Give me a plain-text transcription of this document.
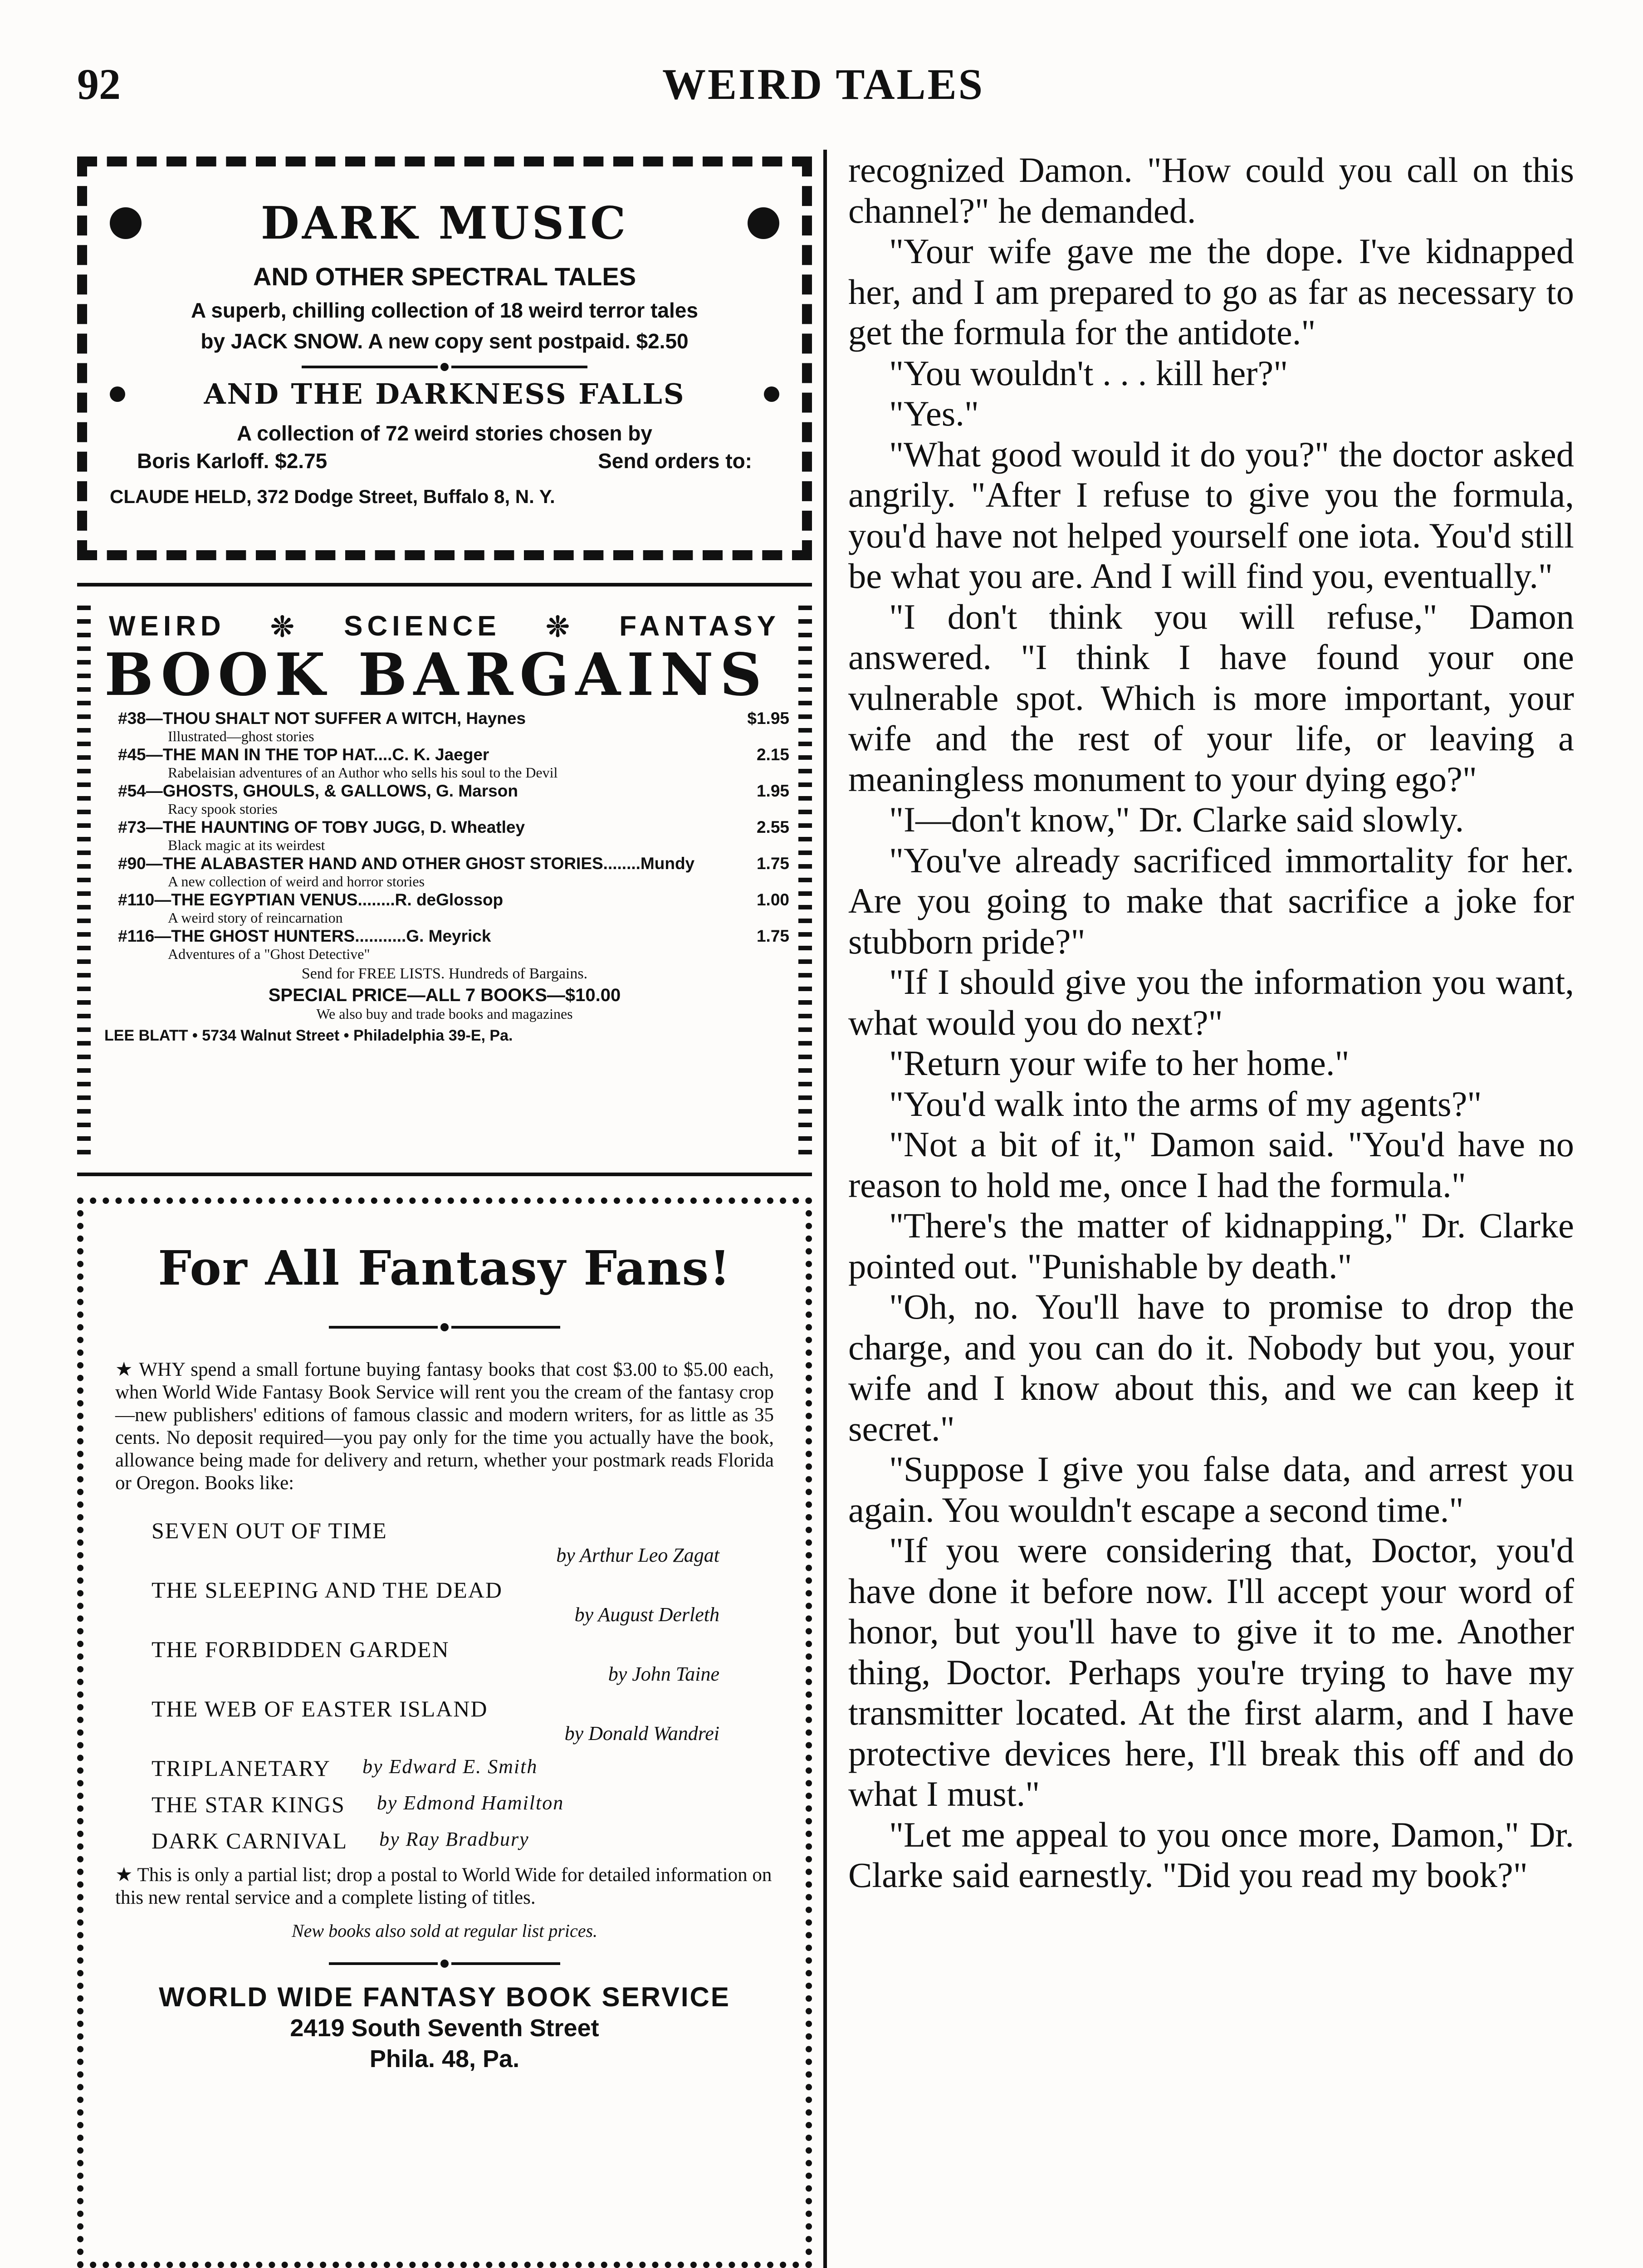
92	WEIRD TALES
DARK MUSIC
AND OTHER SPECTRAL TALES
A superb, chilling collection of 18 weird terror tales
by JACK SNOW. A new copy sent postpaid. $2.50
AND THE DARKNESS FALLS
A collection of 72 weird stories chosen by
Boris Karloff. $2.75	Send orders to:
CLAUDE HELD, 372 Dodge Street, Buffalo 8, N. Y.
WEIRD ❊ SCIENCE ❊ FANTASY
BOOK BARGAINS
#38—THOU SHALT NOT SUFFER A WITCH, Haynes	$1.95
Illustrated—ghost stories
#45—THE MAN IN THE TOP HAT....C. K. Jaeger	2.15
Rabelaisian adventures of an Author who sells his soul to the Devil
#54—GHOSTS, GHOULS, & GALLOWS, G. Marson	1.95
Racy spook stories
#73—THE HAUNTING OF TOBY JUGG, D. Wheatley	2.55
Black magic at its weirdest
#90—THE ALABASTER HAND AND OTHER GHOST STORIES........Mundy	1.75
A new collection of weird and horror stories
#110—THE EGYPTIAN VENUS........R. deGlossop	1.00
A weird story of reincarnation
#116—THE GHOST HUNTERS...........G. Meyrick	1.75
Adventures of a "Ghost Detective"
Send for FREE LISTS. Hundreds of Bargains.
SPECIAL PRICE—ALL 7 BOOKS—$10.00
We also buy and trade books and magazines
LEE BLATT • 5734 Walnut Street • Philadelphia 39-E, Pa.
For All Fantasy Fans!
★ WHY spend a small fortune buying fantasy books that cost $3.00 to $5.00 each, when World Wide Fantasy Book Service will rent you the cream of the fantasy crop—new publishers' editions of famous classic and modern writers, for as little as 35 cents. No deposit required—you pay only for the time you actually have the book, allowance being made for delivery and return, whether your postmark reads Florida or Oregon. Books like:
SEVEN OUT OF TIME
by Arthur Leo Zagat
THE SLEEPING AND THE DEAD
by August Derleth
THE FORBIDDEN GARDEN
by John Taine
THE WEB OF EASTER ISLAND
by Donald Wandrei
TRIPLANETARY by Edward E. Smith
THE STAR KINGS by Edmond Hamilton
DARK CARNIVAL by Ray Bradbury
★ This is only a partial list; drop a postal to World Wide for detailed information on this new rental service and a complete listing of titles.
New books also sold at regular list prices.
WORLD WIDE FANTASY BOOK SERVICE
2419 South Seventh Street
Phila. 48, Pa.

recognized Damon. "How could you call on this channel?" he demanded.

"Your wife gave me the dope. I've kidnapped her, and I am prepared to go as far as necessary to get the formula for the antidote."

"You wouldn't . . . kill her?"

"Yes."

"What good would it do you?" the doctor asked angrily. "After I refuse to give you the formula, you'd have not helped yourself one iota. You'd still be what you are. And I will find you, eventually."

"I don't think you will refuse," Damon answered. "I think I have found your one vulnerable spot. Which is more important, your wife and the rest of your life, or leaving a meaningless monument to your dying ego?"

"I—don't know," Dr. Clarke said slowly.

"You've already sacrificed immortality for her. Are you going to make that sacrifice a joke for stubborn pride?"

"If I should give you the information you want, what would you do next?"

"Return your wife to her home."

"You'd walk into the arms of my agents?"

"Not a bit of it," Damon said. "You'd have no reason to hold me, once I had the formula."

"There's the matter of kidnapping," Dr. Clarke pointed out. "Punishable by death."

"Oh, no. You'll have to promise to drop the charge, and you can do it. Nobody but you, your wife and I know about this, and we can keep it secret."

"Suppose I give you false data, and arrest you again. You wouldn't escape a second time."

"If you were considering that, Doctor, you'd have done it before now. I'll accept your word of honor, but you'll have to give it to me. Another thing, Doctor. Perhaps you're trying to have my transmitter located. At the first alarm, and I have protective devices here, I'll break this off and do what I must."

"Let me appeal to you once more, Damon," Dr. Clarke said earnestly. "Did you read my book?"
